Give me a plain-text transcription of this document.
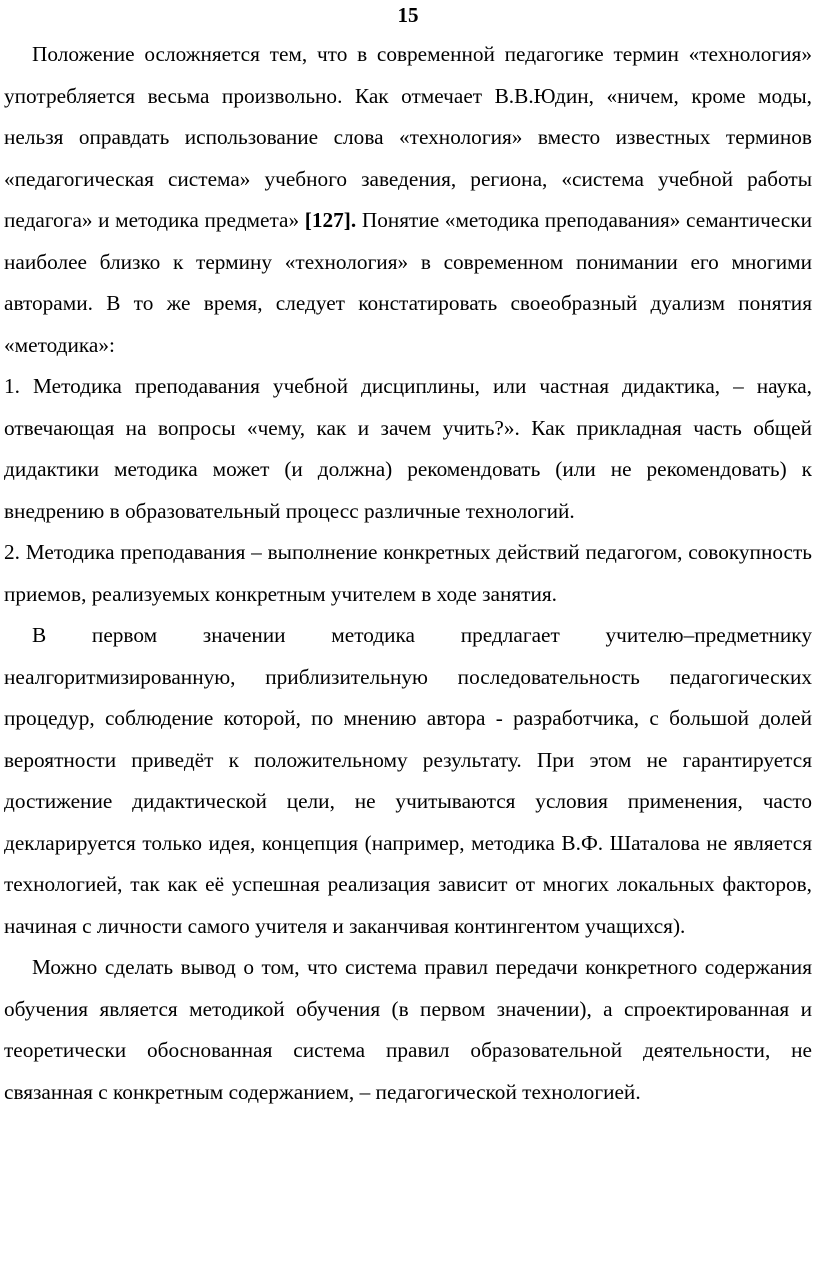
15

Положение осложняется тем, что в современной педагогике термин «технология» употребляется весьма произвольно. Как отмечает В.В.Юдин, «ничем, кроме моды, нельзя оправдать использование слова «технология» вместо известных терминов «педагогическая система» учебного заведения, региона, «система учебной работы педагога» и методика предмета» [127]. Понятие «методика преподавания» семантически наиболее близко к термину «технология» в современном понимании его многими авторами. В то же время, следует констатировать своеобразный дуализм понятия «методика»:

1. Методика преподавания учебной дисциплины, или частная дидактика, – наука, отвечающая на вопросы «чему, как и зачем учить?». Как прикладная часть общей дидактики методика может (и должна) рекомендовать (или не рекомендовать) к внедрению в образовательный процесс различные технологий.

2. Методика преподавания – выполнение конкретных действий педагогом, совокупность приемов, реализуемых конкретным учителем в ходе занятия.

В первом значении методика предлагает учителю–предметнику неалгоритмизированную, приблизительную последовательность педагогических процедур, соблюдение которой, по мнению автора - разработчика, с большой долей вероятности приведёт к положительному результату. При этом не гарантируется достижение дидактической цели, не учитываются условия применения, часто декларируется только идея, концепция (например, методика В.Ф. Шаталова не является технологией, так как её успешная реализация зависит от многих локальных факторов, начиная с личности самого учителя и заканчивая контингентом учащихся).

Можно сделать вывод о том, что система правил передачи конкретного содержания обучения является методикой обучения (в первом значении), а спроектированная и теоретически обоснованная система правил образовательной деятельности, не связанная с конкретным содержанием, – педагогической технологией.
